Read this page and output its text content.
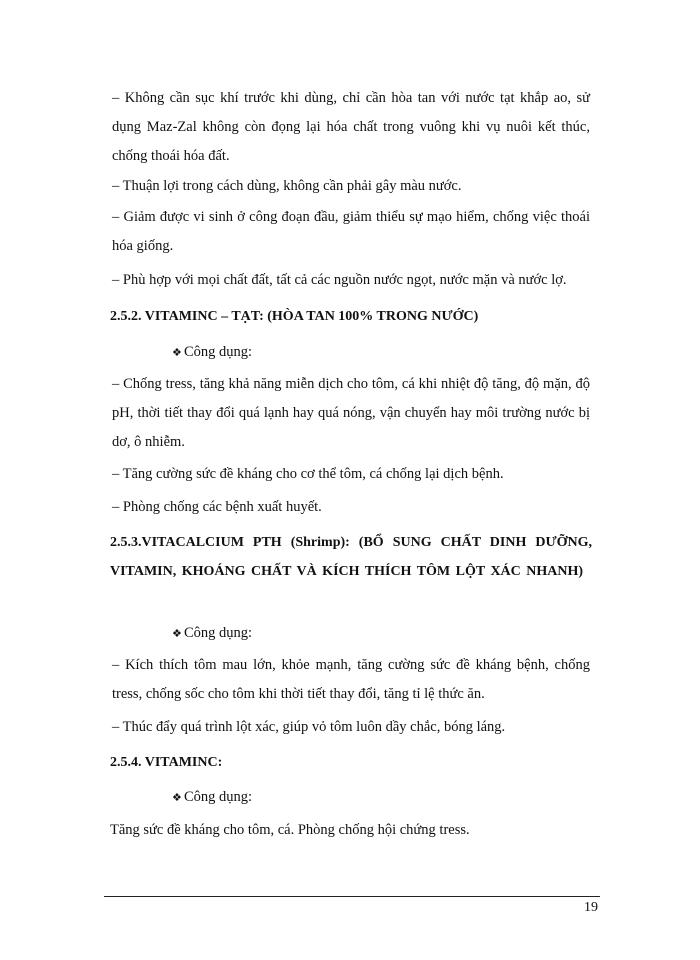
– Không cần sục khí trước khi dùng, chỉ cần hòa tan với nước tạt khắp ao, sử dụng Maz-Zal không còn đọng lại hóa chất trong vuông khi vụ nuôi kết thúc, chống thoái hóa đất.

– Thuận lợi trong cách dùng, không cần phải gây màu nước.

– Giảm được vi sinh ở công đoạn đầu, giảm thiểu sự mạo hiểm, chống việc thoái hóa giống.

– Phù hợp với mọi chất đất, tất cả các nguồn nước ngọt, nước mặn và nước lợ.

2.5.2. VITAMINC – TẠT: (HÒA TAN 100% TRONG NƯỚC)
❖ Công dụng:

– Chống tress, tăng khả năng miễn dịch cho tôm, cá khi nhiệt độ tăng, độ mặn, độ pH, thời tiết thay đổi quá lạnh hay quá nóng, vận chuyển hay môi trường nước bị dơ, ô nhiễm.

– Tăng cường sức đề kháng cho cơ thể tôm, cá chống lại dịch bệnh.

– Phòng chống các bệnh xuất huyết.

2.5.3.VITACALCIUM PTH (Shrimp): (BỔ SUNG CHẤT DINH DƯỠNG, VITAMIN, KHOÁNG CHẤT VÀ KÍCH THÍCH TÔM LỘT XÁC NHANH)
❖ Công dụng:

– Kích thích tôm mau lớn, khỏe mạnh, tăng cường sức đề kháng bệnh, chống tress, chống sốc cho tôm khi thời tiết thay đổi, tăng tỉ lệ thức ăn.

– Thúc đẩy quá trình lột xác, giúp vỏ tôm luôn dầy chắc, bóng láng.

2.5.4. VITAMINC:
❖ Công dụng:

Tăng sức đề kháng cho tôm, cá. Phòng chống hội chứng tress.

19
